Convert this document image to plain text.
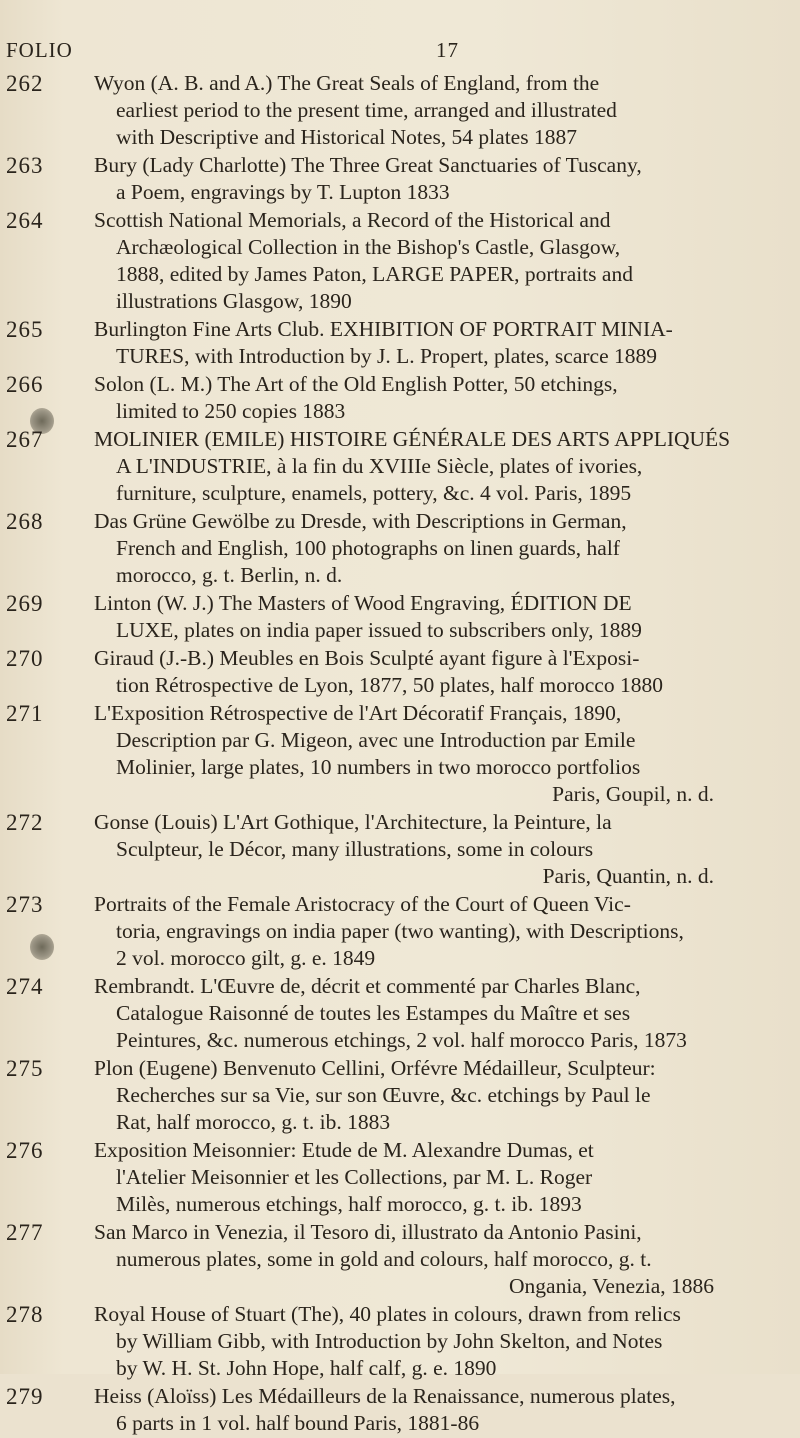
FOLIO	17
262 Wyon (A. B. and A.) The Great Seals of England, from the
earliest period to the present time, arranged and illustrated
with Descriptive and Historical Notes, 54 plates 1887
263 Bury (Lady Charlotte) The Three Great Sanctuaries of Tuscany,
a Poem, engravings by T. Lupton 1833
264 Scottish National Memorials, a Record of the Historical and
Archæological Collection in the Bishop's Castle, Glasgow,
1888, edited by James Paton, LARGE PAPER, portraits and
illustrations Glasgow, 1890
265 Burlington Fine Arts Club. EXHIBITION OF PORTRAIT MINIA-
TURES, with Introduction by J. L. Propert, plates, scarce 1889
266 Solon (L. M.) The Art of the Old English Potter, 50 etchings,
limited to 250 copies 1883
267 MOLINIER (EMILE) HISTOIRE GÉNÉRALE DES ARTS APPLIQUÉS
A L'INDUSTRIE, à la fin du XVIIIe Siècle, plates of ivories,
furniture, sculpture, enamels, pottery, &c. 4 vol. Paris, 1895
268 Das Grüne Gewölbe zu Dresde, with Descriptions in German,
French and English, 100 photographs on linen guards, half
morocco, g. t. Berlin, n. d.
269 Linton (W. J.) The Masters of Wood Engraving, ÉDITION DE
LUXE, plates on india paper issued to subscribers only, 1889
270 Giraud (J.-B.) Meubles en Bois Sculpté ayant figure à l'Exposi-
tion Rétrospective de Lyon, 1877, 50 plates, half morocco 1880
271 L'Exposition Rétrospective de l'Art Décoratif Français, 1890,
Description par G. Migeon, avec une Introduction par Emile
Molinier, large plates, 10 numbers in two morocco portfolios
Paris, Goupil, n. d.
272 Gonse (Louis) L'Art Gothique, l'Architecture, la Peinture, la
Sculpteur, le Décor, many illustrations, some in colours
Paris, Quantin, n. d.
273 Portraits of the Female Aristocracy of the Court of Queen Vic-
toria, engravings on india paper (two wanting), with Descriptions,
2 vol. morocco gilt, g. e. 1849
274 Rembrandt. L'Œuvre de, décrit et commenté par Charles Blanc,
Catalogue Raisonné de toutes les Estampes du Maître et ses
Peintures, &c. numerous etchings, 2 vol. half morocco Paris, 1873
275 Plon (Eugene) Benvenuto Cellini, Orfévre Médailleur, Sculpteur:
Recherches sur sa Vie, sur son Œuvre, &c. etchings by Paul le
Rat, half morocco, g. t. ib. 1883
276 Exposition Meisonnier: Etude de M. Alexandre Dumas, et
l'Atelier Meisonnier et les Collections, par M. L. Roger
Milès, numerous etchings, half morocco, g. t. ib. 1893
277 San Marco in Venezia, il Tesoro di, illustrato da Antonio Pasini,
numerous plates, some in gold and colours, half morocco, g. t.
Ongania, Venezia, 1886
278 Royal House of Stuart (The), 40 plates in colours, drawn from relics
by William Gibb, with Introduction by John Skelton, and Notes
by W. H. St. John Hope, half calf, g. e. 1890
279 Heiss (Aloïss) Les Médailleurs de la Renaissance, numerous plates,
6 parts in 1 vol. half bound Paris, 1881-86
